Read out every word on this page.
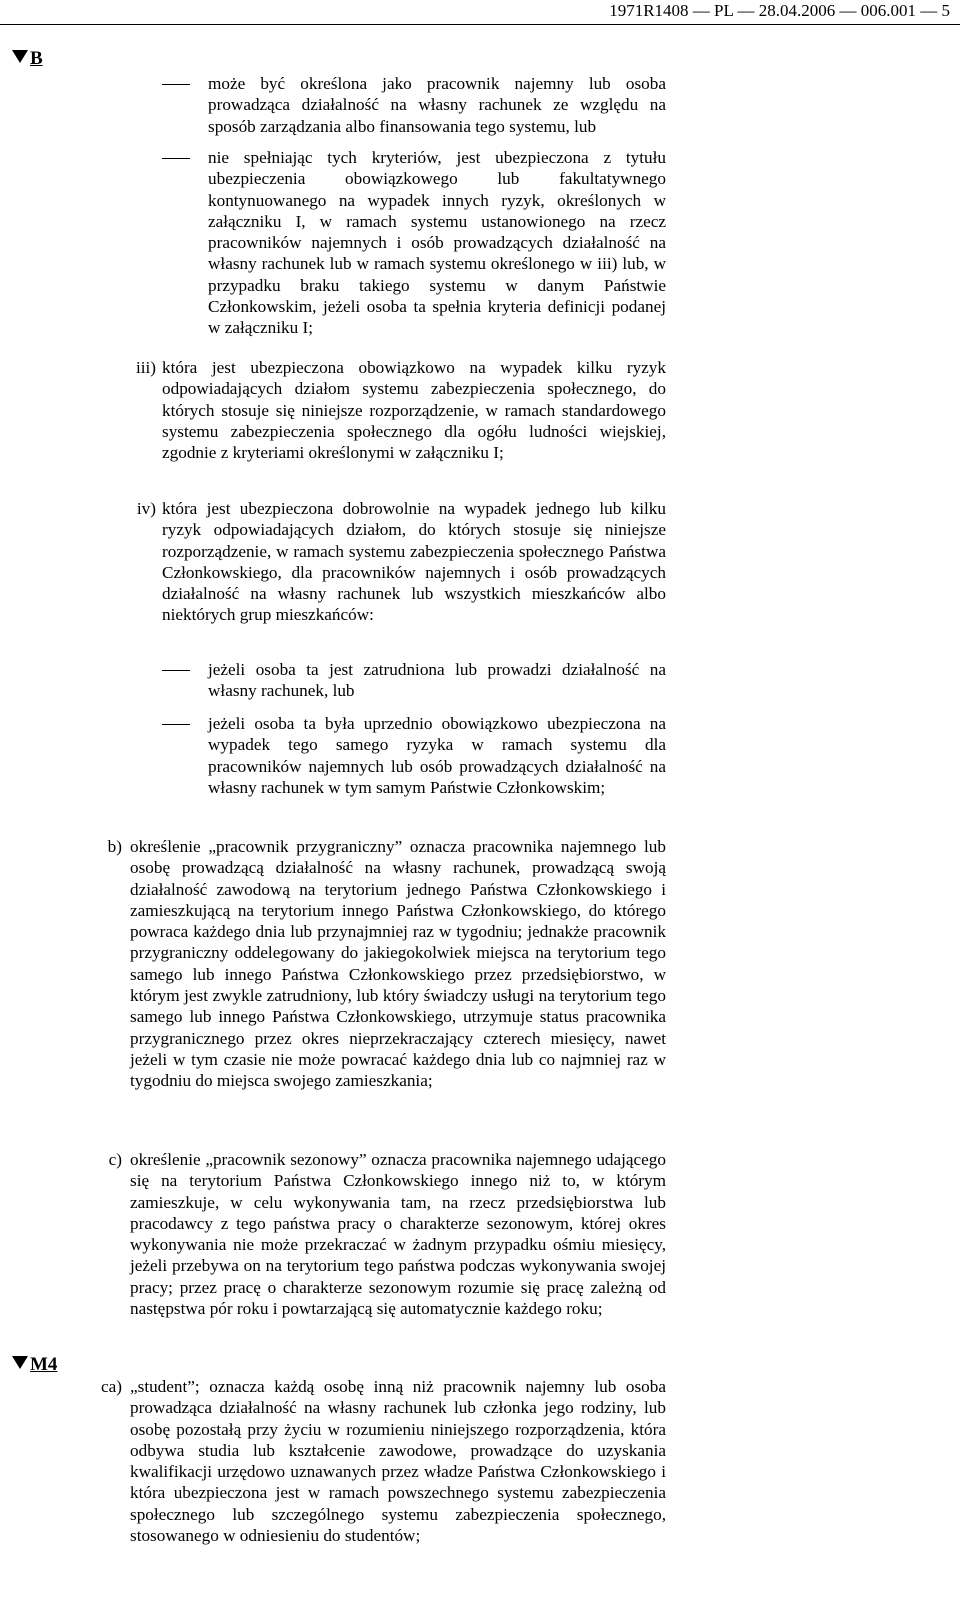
1971R1408 — PL — 28.04.2006 — 006.001 — 5
B
M4
może być określona jako pracownik najemny lub osoba prowadząca działalność na własny rachunek ze względu na sposób zarządzania albo finansowania tego systemu, lub
nie spełniając tych kryteriów, jest ubezpieczona z tytułu ubezpieczenia obowiązkowego lub fakultatywnego kontynuowanego na wypadek innych ryzyk, określonych w załączniku I, w ramach systemu ustanowionego na rzecz pracowników najemnych i osób prowadzących działalność na własny rachunek lub w ramach systemu określonego w iii) lub, w przypadku braku takiego systemu w danym Państwie Członkowskim, jeżeli osoba ta spełnia kryteria definicji podanej w załączniku I;
iii) która jest ubezpieczona obowiązkowo na wypadek kilku ryzyk odpowiadających działom systemu zabezpieczenia społecznego, do których stosuje się niniejsze rozporządzenie, w ramach standardowego systemu zabezpieczenia społecznego dla ogółu ludności wiejskiej, zgodnie z kryteriami określonymi w załączniku I;
iv) która jest ubezpieczona dobrowolnie na wypadek jednego lub kilku ryzyk odpowiadających działom, do których stosuje się niniejsze rozporządzenie, w ramach systemu zabezpieczenia społecznego Państwa Członkowskiego, dla pracowników najemnych i osób prowadzących działalność na własny rachunek lub wszystkich mieszkańców albo niektórych grup mieszkańców:
jeżeli osoba ta jest zatrudniona lub prowadzi działalność na własny rachunek, lub
jeżeli osoba ta była uprzednio obowiązkowo ubezpieczona na wypadek tego samego ryzyka w ramach systemu dla pracowników najemnych lub osób prowadzących działalność na własny rachunek w tym samym Państwie Członkowskim;
b) określenie „pracownik przygraniczny” oznacza pracownika najemnego lub osobę prowadzącą działalność na własny rachunek, prowadzącą swoją działalność zawodową na terytorium jednego Państwa Członkowskiego i zamieszkującą na terytorium innego Państwa Członkowskiego, do którego powraca każdego dnia lub przynajmniej raz w tygodniu; jednakże pracownik przygraniczny oddelegowany do jakiegokolwiek miejsca na terytorium tego samego lub innego Państwa Członkowskiego przez przedsiębiorstwo, w którym jest zwykle zatrudniony, lub który świadczy usługi na terytorium tego samego lub innego Państwa Członkowskiego, utrzymuje status pracownika przygranicznego przez okres nieprzekraczający czterech miesięcy, nawet jeżeli w tym czasie nie może powracać każdego dnia lub co najmniej raz w tygodniu do miejsca swojego zamieszkania;
c) określenie „pracownik sezonowy” oznacza pracownika najemnego udającego się na terytorium Państwa Członkowskiego innego niż to, w którym zamieszkuje, w celu wykonywania tam, na rzecz przedsiębiorstwa lub pracodawcy z tego państwa pracy o charakterze sezonowym, której okres wykonywania nie może przekraczać w żadnym przypadku ośmiu miesięcy, jeżeli przebywa on na terytorium tego państwa podczas wykonywania swojej pracy; przez pracę o charakterze sezonowym rozumie się pracę zależną od następstwa pór roku i powtarzającą się automatycznie każdego roku;
ca) „student”; oznacza każdą osobę inną niż pracownik najemny lub osoba prowadząca działalność na własny rachunek lub członka jego rodziny, lub osobę pozostałą przy życiu w rozumieniu niniejszego rozporządzenia, która odbywa studia lub kształcenie zawodowe, prowadzące do uzyskania kwalifikacji urzędowo uznawanych przez władze Państwa Członkowskiego i która ubezpieczona jest w ramach powszechnego systemu zabezpieczenia społecznego lub szczególnego systemu zabezpieczenia społecznego, stosowanego w odniesieniu do studentów;
